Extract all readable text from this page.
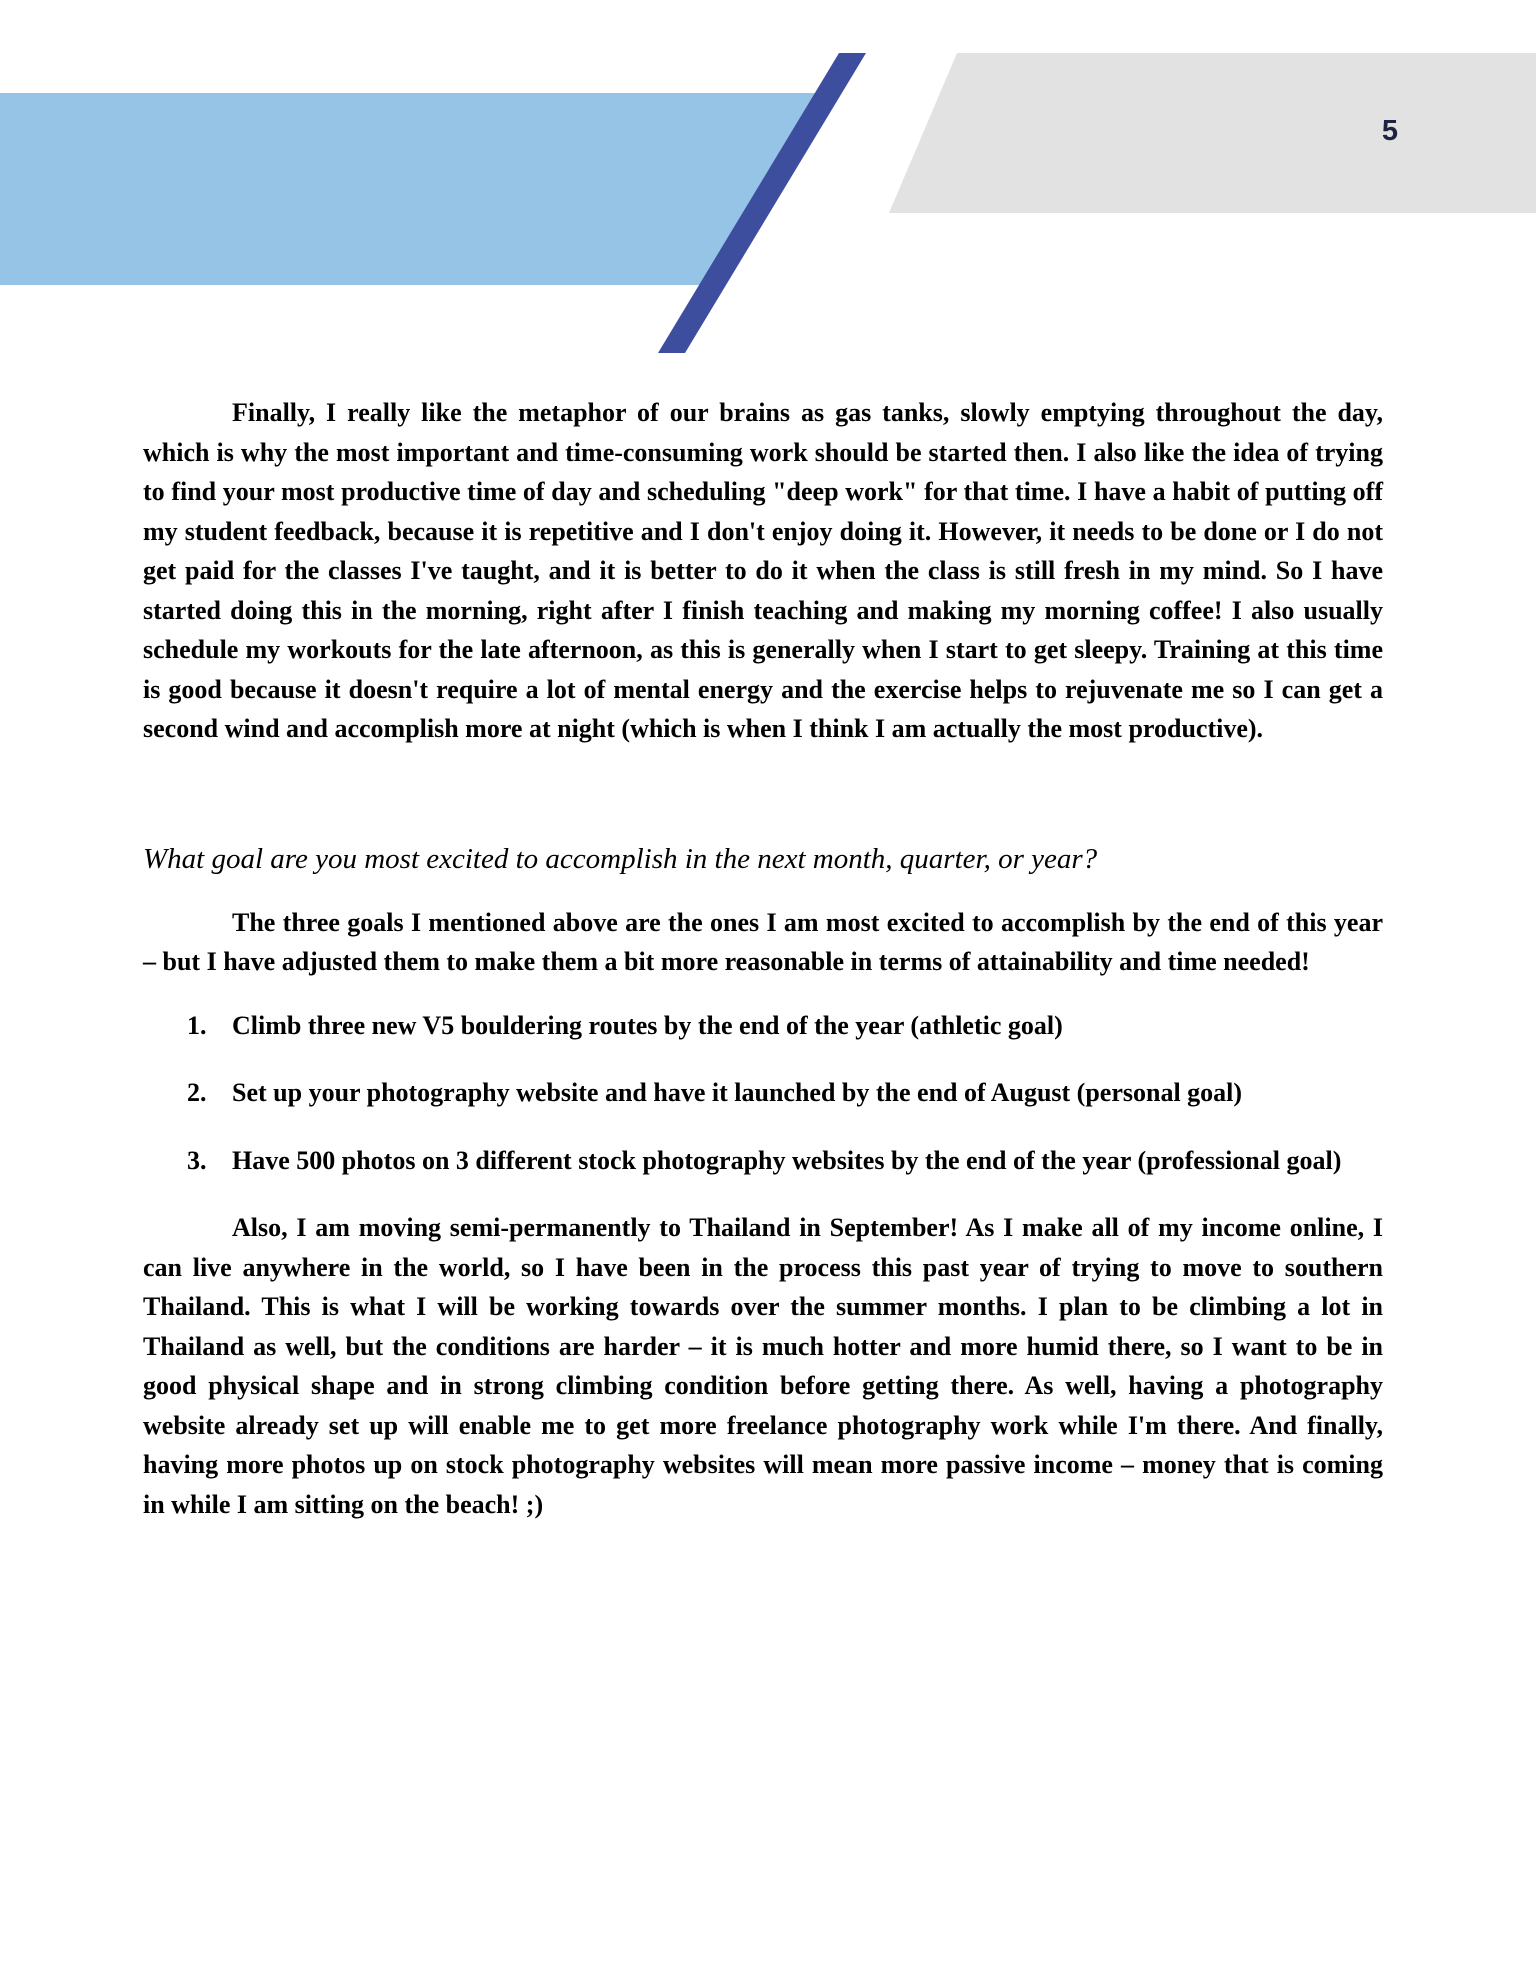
5

Finally, I really like the metaphor of our brains as gas tanks, slowly emptying throughout the day, which is why the most important and time-consuming work should be started then. I also like the idea of trying to find your most productive time of day and scheduling "deep work" for that time. I have a habit of putting off my student feedback, because it is repetitive and I don't enjoy doing it. However, it needs to be done or I do not get paid for the classes I've taught, and it is better to do it when the class is still fresh in my mind. So I have started doing this in the morning, right after I finish teaching and making my morning coffee! I also usually schedule my workouts for the late afternoon, as this is generally when I start to get sleepy. Training at this time is good because it doesn't require a lot of mental energy and the exercise helps to rejuvenate me so I can get a second wind and accomplish more at night (which is when I think I am actually the most productive).

What goal are you most excited to accomplish in the next month, quarter, or year?

The three goals I mentioned above are the ones I am most excited to accomplish by the end of this year – but I have adjusted them to make them a bit more reasonable in terms of attainability and time needed!

1. Climb three new V5 bouldering routes by the end of the year (athletic goal)
2. Set up your photography website and have it launched by the end of August (personal goal)
3. Have 500 photos on 3 different stock photography websites by the end of the year (professional goal)

Also, I am moving semi-permanently to Thailand in September! As I make all of my income online, I can live anywhere in the world, so I have been in the process this past year of trying to move to southern Thailand. This is what I will be working towards over the summer months. I plan to be climbing a lot in Thailand as well, but the conditions are harder – it is much hotter and more humid there, so I want to be in good physical shape and in strong climbing condition before getting there. As well, having a photography website already set up will enable me to get more freelance photography work while I'm there. And finally, having more photos up on stock photography websites will mean more passive income – money that is coming in while I am sitting on the beach! ;)
